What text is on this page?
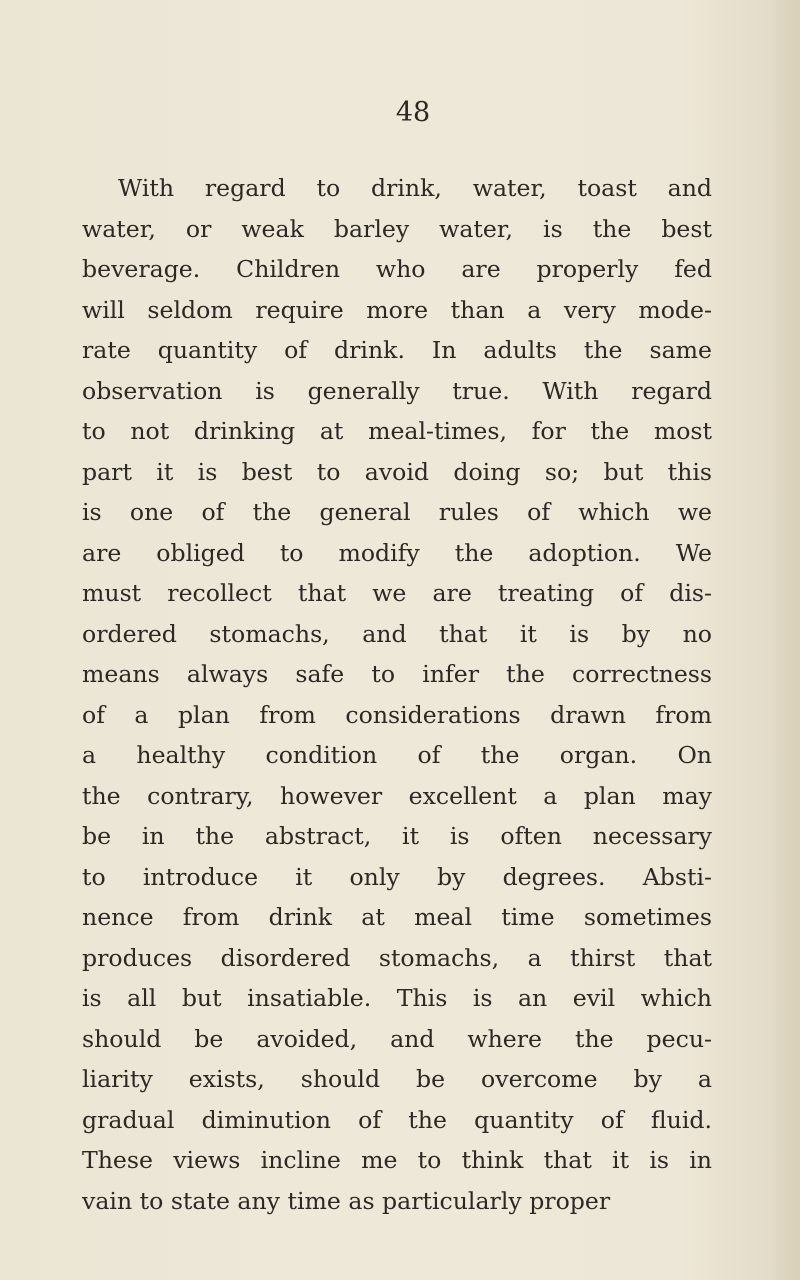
48
With regard to drink, water, toast and
water, or weak barley water, is the best
beverage. Children who are properly fed
will seldom require more than a very mode-
rate quantity of drink. In adults the same
observation is generally true. With regard
to not drinking at meal-times, for the most
part it is best to avoid doing so; but this
is one of the general rules of which we
are obliged to modify the adoption. We
must recollect that we are treating of dis-
ordered stomachs, and that it is by no
means always safe to infer the correctness
of a plan from considerations drawn from
a healthy condition of the organ. On
the contrary, however excellent a plan may
be in the abstract, it is often necessary
to introduce it only by degrees. Absti-
nence from drink at meal time sometimes
produces disordered stomachs, a thirst that
is all but insatiable. This is an evil which
should be avoided, and where the pecu-
liarity exists, should be overcome by a
gradual diminution of the quantity of fluid.
These views incline me to think that it is in
vain to state any time as particularly proper
